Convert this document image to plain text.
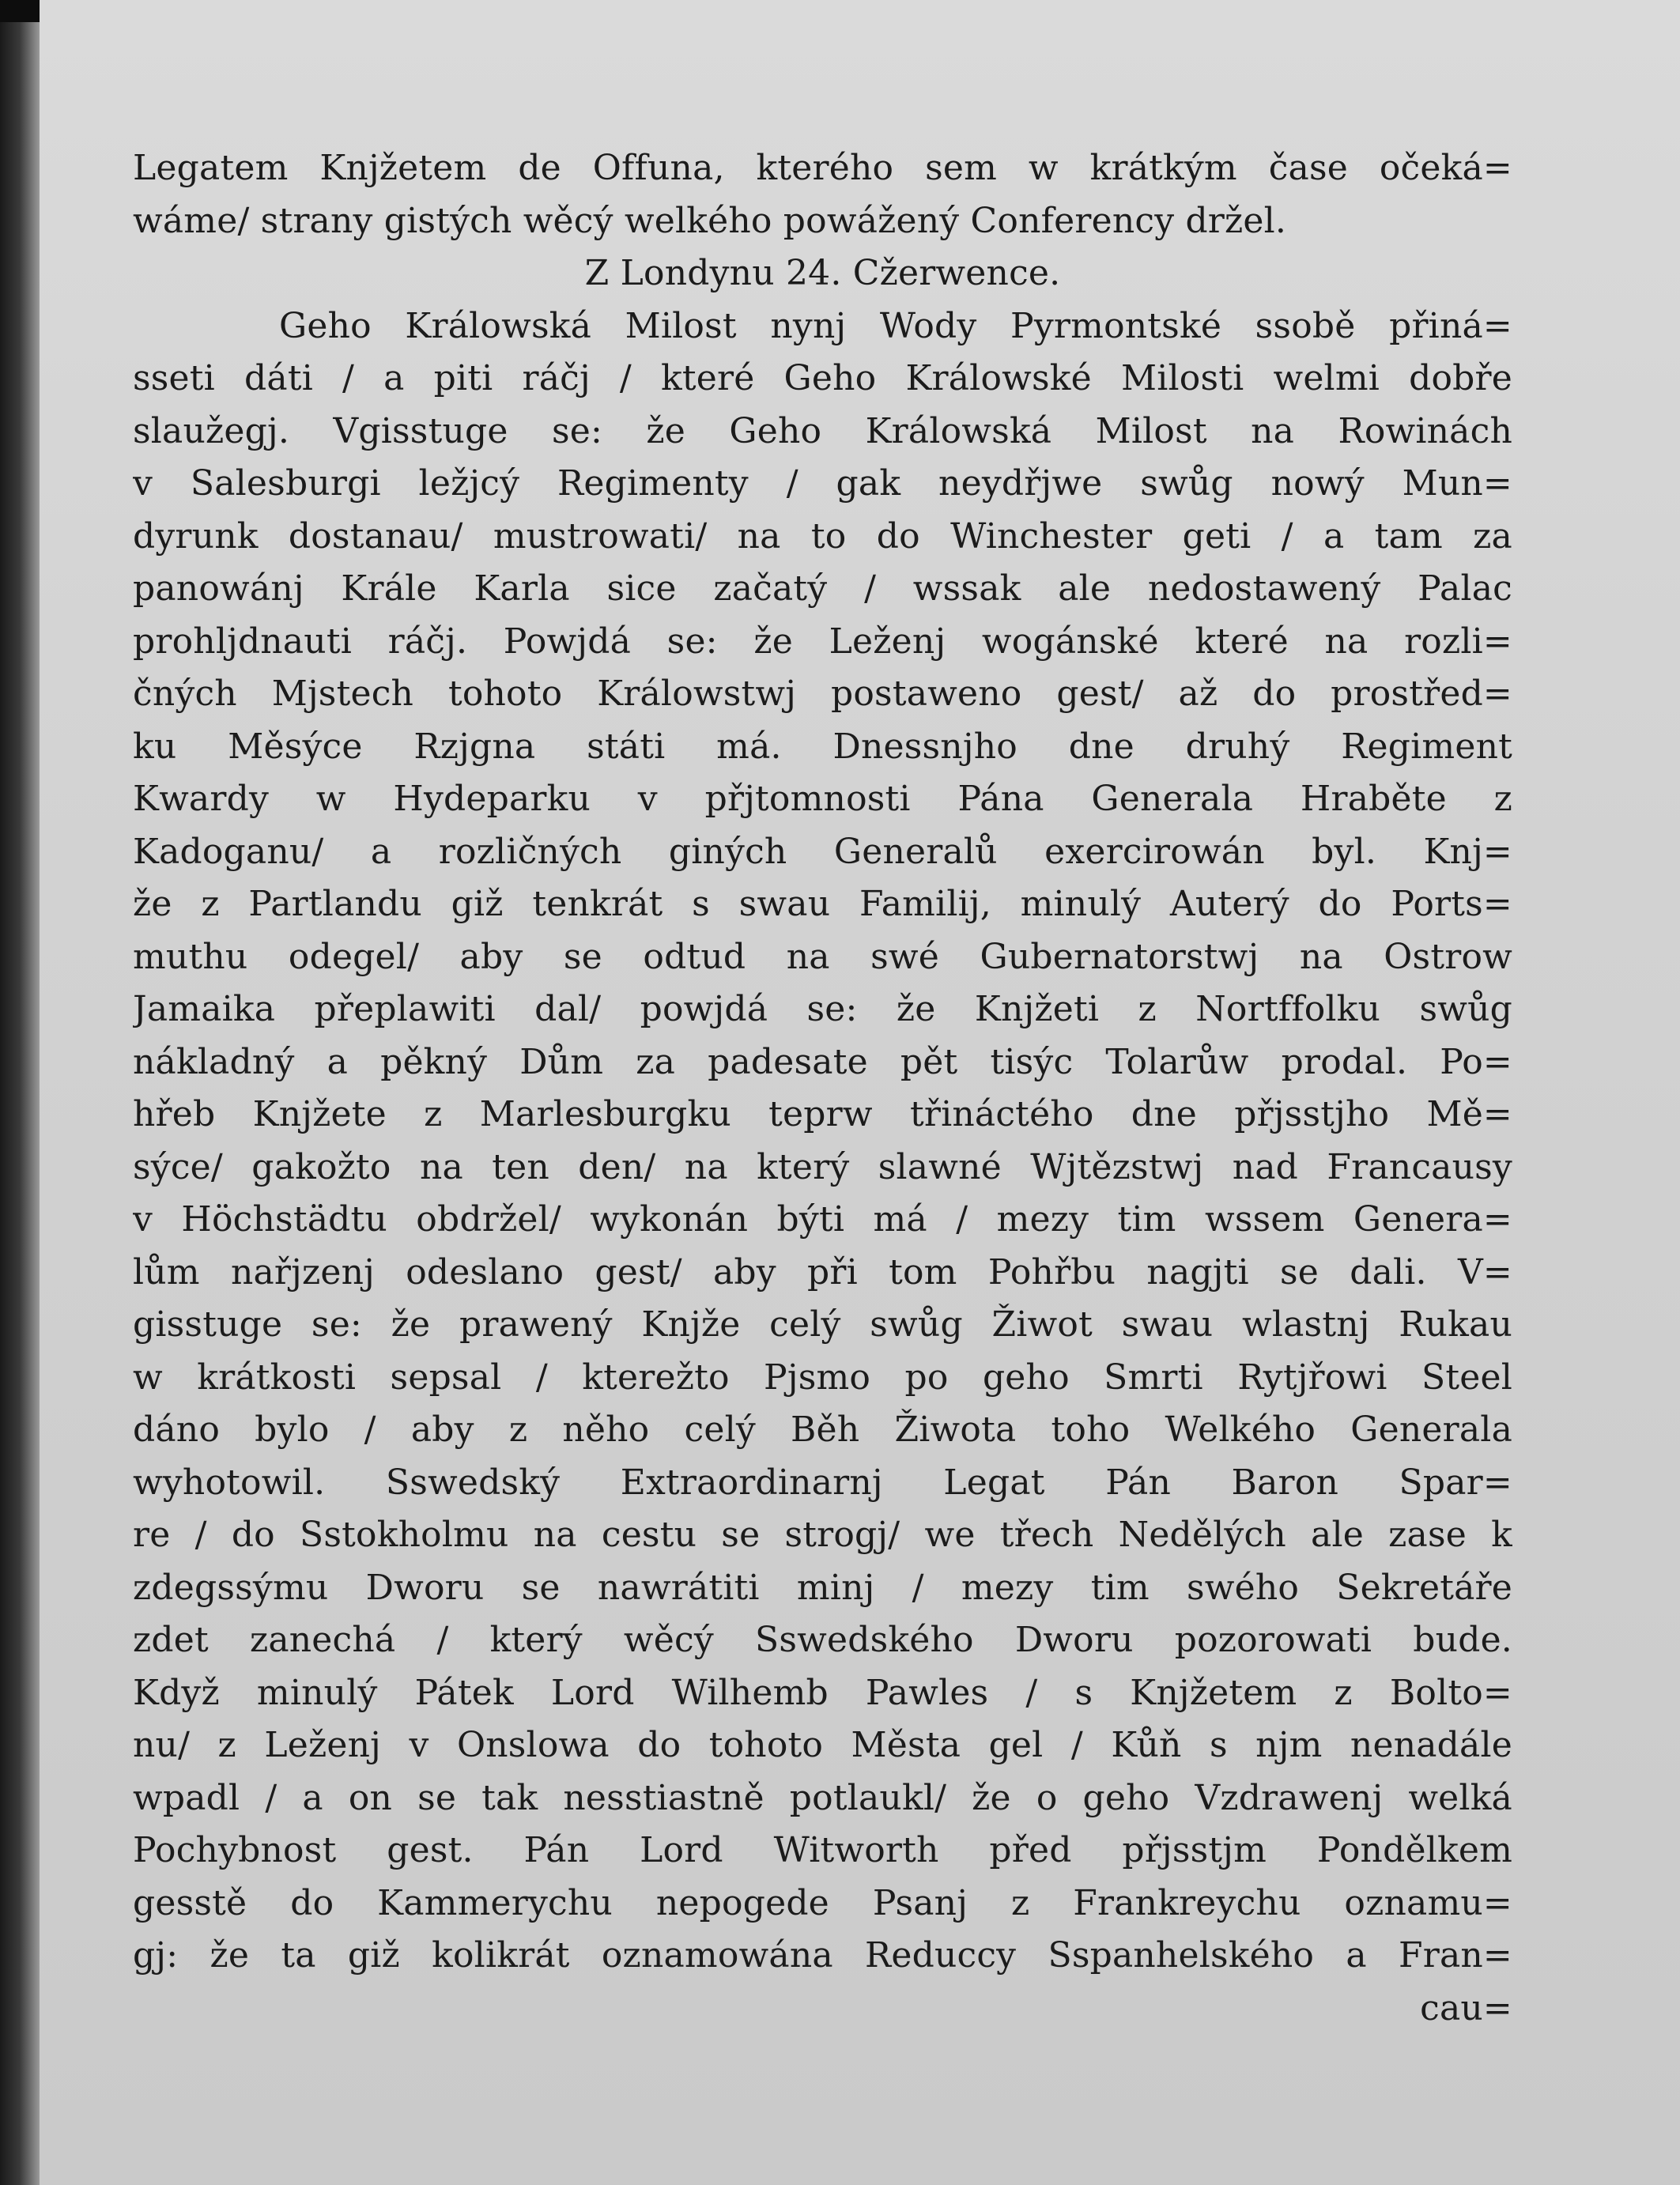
Legatem Knjžetem de Offuna, kterého sem w krátkým čase očeká=
wáme/ strany gistých wěcý welkého powážený Conferency držel.
Z Londynu 24. Cžerwence.
Geho Králowská Milost nynj Wody Pyrmontské ssobě přiná=
sseti dáti / a piti ráčj / které Geho Králowské Milosti welmi dobře
slaužegj. Vgisstuge se: že Geho Králowská Milost na Rowinách
v Salesburgi ležjcý Regimenty / gak neydřjwe swůg nowý Mun=
dyrunk dostanau/ mustrowati/ na to do Winchester geti / a tam za
panowánj Krále Karla sice začatý / wssak ale nedostawený Palac
prohljdnauti ráčj. Powjdá se: že Leženj wogánské které na rozli=
čných Mjstech tohoto Králowstwj postaweno gest/ až do prostřed=
ku Měsýce Rzjgna státi má. Dnessnjho dne druhý Regiment
Kwardy w Hydeparku v přjtomnosti Pána Generala Hraběte z
Kadoganu/ a rozličných giných Generalů exercirowán byl. Knj=
že z Partlandu giž tenkrát s swau Familij, minulý Auterý do Ports=
muthu odegel/ aby se odtud na swé Gubernatorstwj na Ostrow
Jamaika přeplawiti dal/ powjdá se: že Knjžeti z Nortffolku swůg
nákladný a pěkný Dům za padesate pět tisýc Tolarůw prodal. Po=
hřeb Knjžete z Marlesburgku teprw třináctého dne přjsstjho Mě=
sýce/ gakožto na ten den/ na který slawné Wjtězstwj nad Francausy
v Höchstädtu obdržel/ wykonán býti má / mezy tim wssem Genera=
lům nařjzenj odeslano gest/ aby při tom Pohřbu nagjti se dali. V=
gisstuge se: že prawený Knjže celý swůg Žiwot swau wlastnj Rukau
w krátkosti sepsal / kterežto Pjsmo po geho Smrti Rytjřowi Steel
dáno bylo / aby z něho celý Běh Žiwota toho Welkého Generala
wyhotowil. Sswedský Extraordinarnj Legat Pán Baron Spar=
re / do Sstokholmu na cestu se strogj/ we třech Nedělých ale zase k
zdegssýmu Dworu se nawrátiti minj / mezy tim swého Sekretáře
zdet zanechá / který wěcý Sswedského Dworu pozorowati bude.
Když minulý Pátek Lord Wilhemb Pawles / s Knjžetem z Bolto=
nu/ z Leženj v Onslowa do tohoto Města gel / Kůň s njm nenadále
wpadl / a on se tak nesstiastně potlaukl/ že o geho Vzdrawenj welká
Pochybnost gest. Pán Lord Witworth před přjsstjm Pondělkem
gesstě do Kammerychu nepogede Psanj z Frankreychu oznamu=
gj: že ta giž kolikrát oznamowána Reduccy Sspanhelského a Fran=
cau=
